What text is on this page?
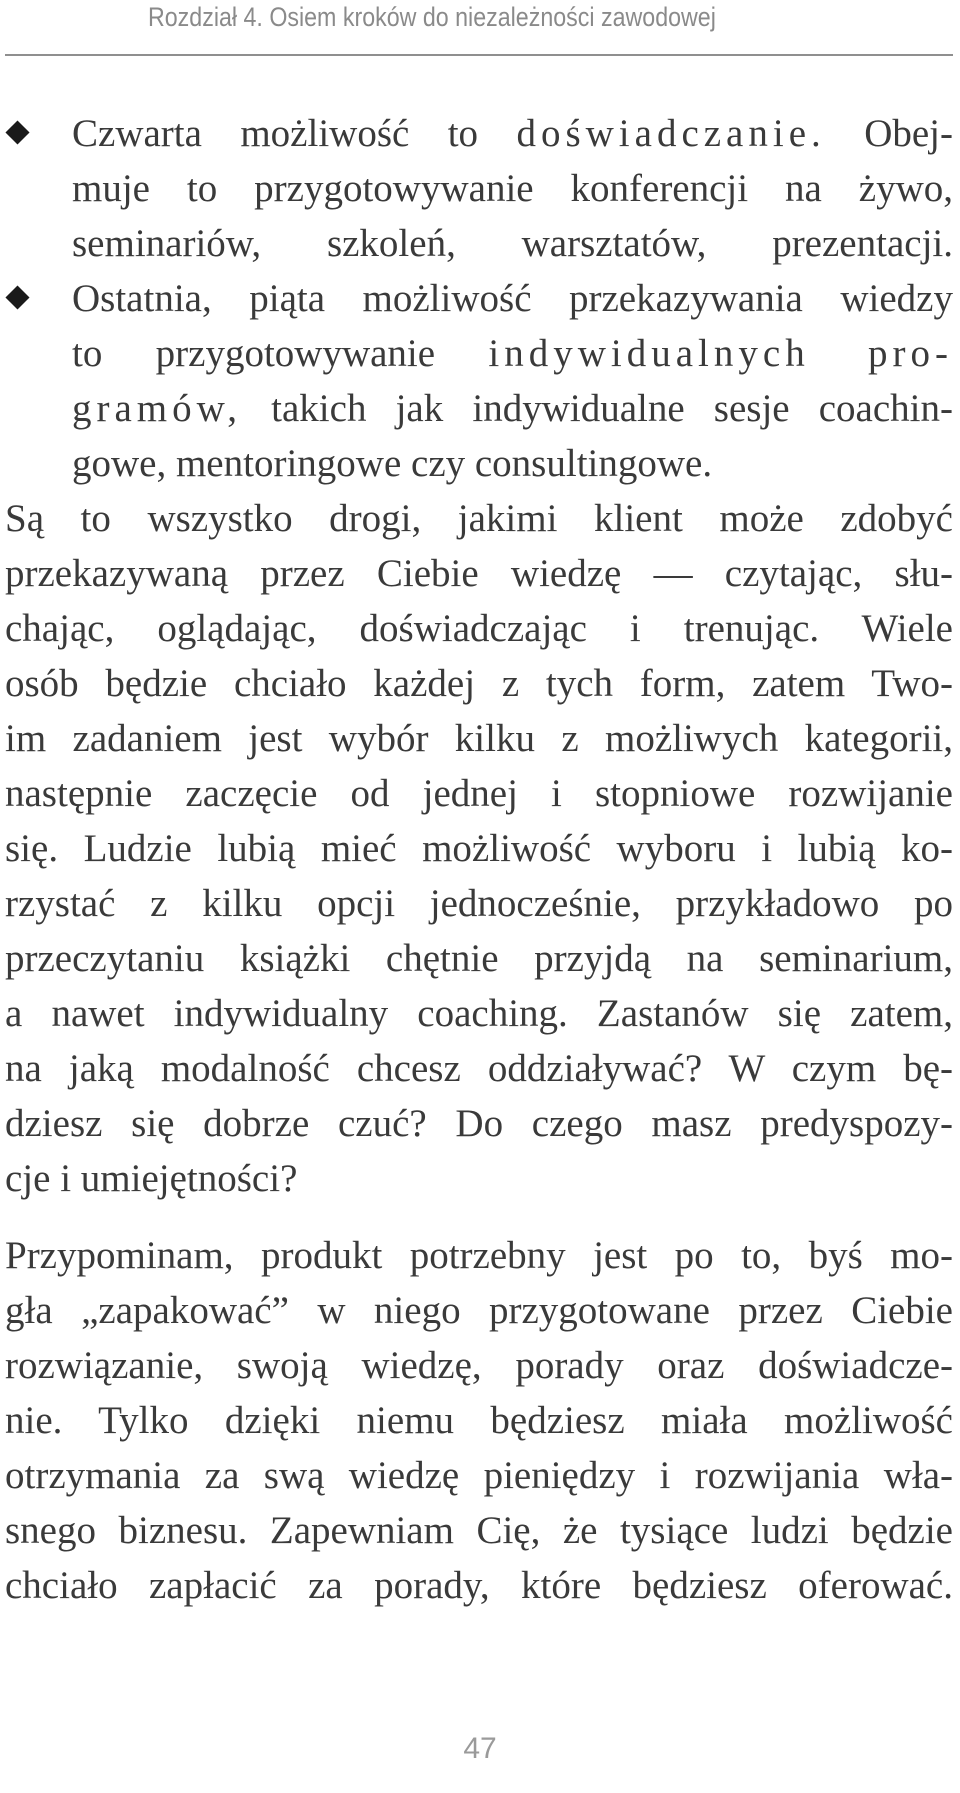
Rozdział 4. Osiem kroków do niezależności zawodowej
Czwarta możliwość to doświadczanie. Obej-
muje to przygotowywanie konferencji na żywo,
seminariów, szkoleń, warsztatów, prezentacji.
Ostatnia, piąta możliwość przekazywania wiedzy
to przygotowywanie indywidualnych pro-
gramów, takich jak indywidualne sesje coachin-
gowe, mentoringowe czy consultingowe.
Są to wszystko drogi, jakimi klient może zdobyć
przekazywaną przez Ciebie wiedzę — czytając, słu-
chając, oglądając, doświadczając i trenując. Wiele
osób będzie chciało każdej z tych form, zatem Two-
im zadaniem jest wybór kilku z możliwych kategorii,
następnie zaczęcie od jednej i stopniowe rozwijanie
się. Ludzie lubią mieć możliwość wyboru i lubią ko-
rzystać z kilku opcji jednocześnie, przykładowo po
przeczytaniu książki chętnie przyjdą na seminarium,
a nawet indywidualny coaching. Zastanów się zatem,
na jaką modalność chcesz oddziaływać? W czym bę-
dziesz się dobrze czuć? Do czego masz predyspozy-
cje i umiejętności?
Przypominam, produkt potrzebny jest po to, byś mo-
gła „zapakować” w niego przygotowane przez Ciebie
rozwiązanie, swoją wiedzę, porady oraz doświadcze-
nie. Tylko dzięki niemu będziesz miała możliwość
otrzymania za swą wiedzę pieniędzy i rozwijania wła-
snego biznesu. Zapewniam Cię, że tysiące ludzi będzie
chciało zapłacić za porady, które będziesz oferować.
47
